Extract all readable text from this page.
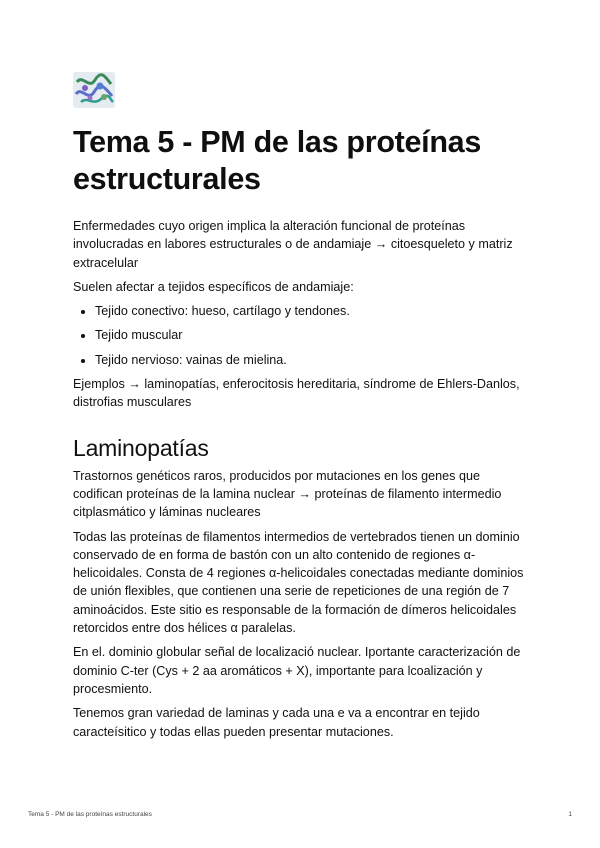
Tema 5 - PM de las proteínas estructurales

Enfermedades cuyo origen implica la alteración funcional de proteínas involucradas en labores estructurales o de andamiaje → citoesqueleto y matriz extracelular

Suelen afectar a tejidos específicos de andamiaje:

• Tejido conectivo: hueso, cartílago y tendones.
• Tejido muscular
• Tejido nervioso: vainas de mielina.

Ejemplos → laminopatías, enferocitosis hereditaria, síndrome de Ehlers-Danlos, distrofias musculares

Laminopatías

Trastornos genéticos raros, producidos por mutaciones en los genes que codifican proteínas de la lamina nuclear → proteínas de filamento intermedio citplasmático y láminas nucleares

Todas las proteínas de filamentos intermedios de vertebrados tienen un dominio conservado de en forma de bastón con un alto contenido de regiones α-helicoidales. Consta de 4 regiones α-helicoidales conectadas mediante dominios de unión flexibles, que contienen una serie de repeticiones de una región de 7 aminoácidos. Este sitio es responsable de la formación de dímeros helicoidales retorcidos entre dos hélices α paralelas.

En el. dominio globular señal de localizació nuclear. Iportante caracterización de dominio C-ter (Cys + 2 aa aromáticos + X), importante para lcoalización y procesmiento.

Tenemos gran variedad de laminas y cada una e va a encontrar en tejido caracteísitico y todas ellas pueden presentar mutaciones.

Tema 5 - PM de las proteínas estructurales	1
